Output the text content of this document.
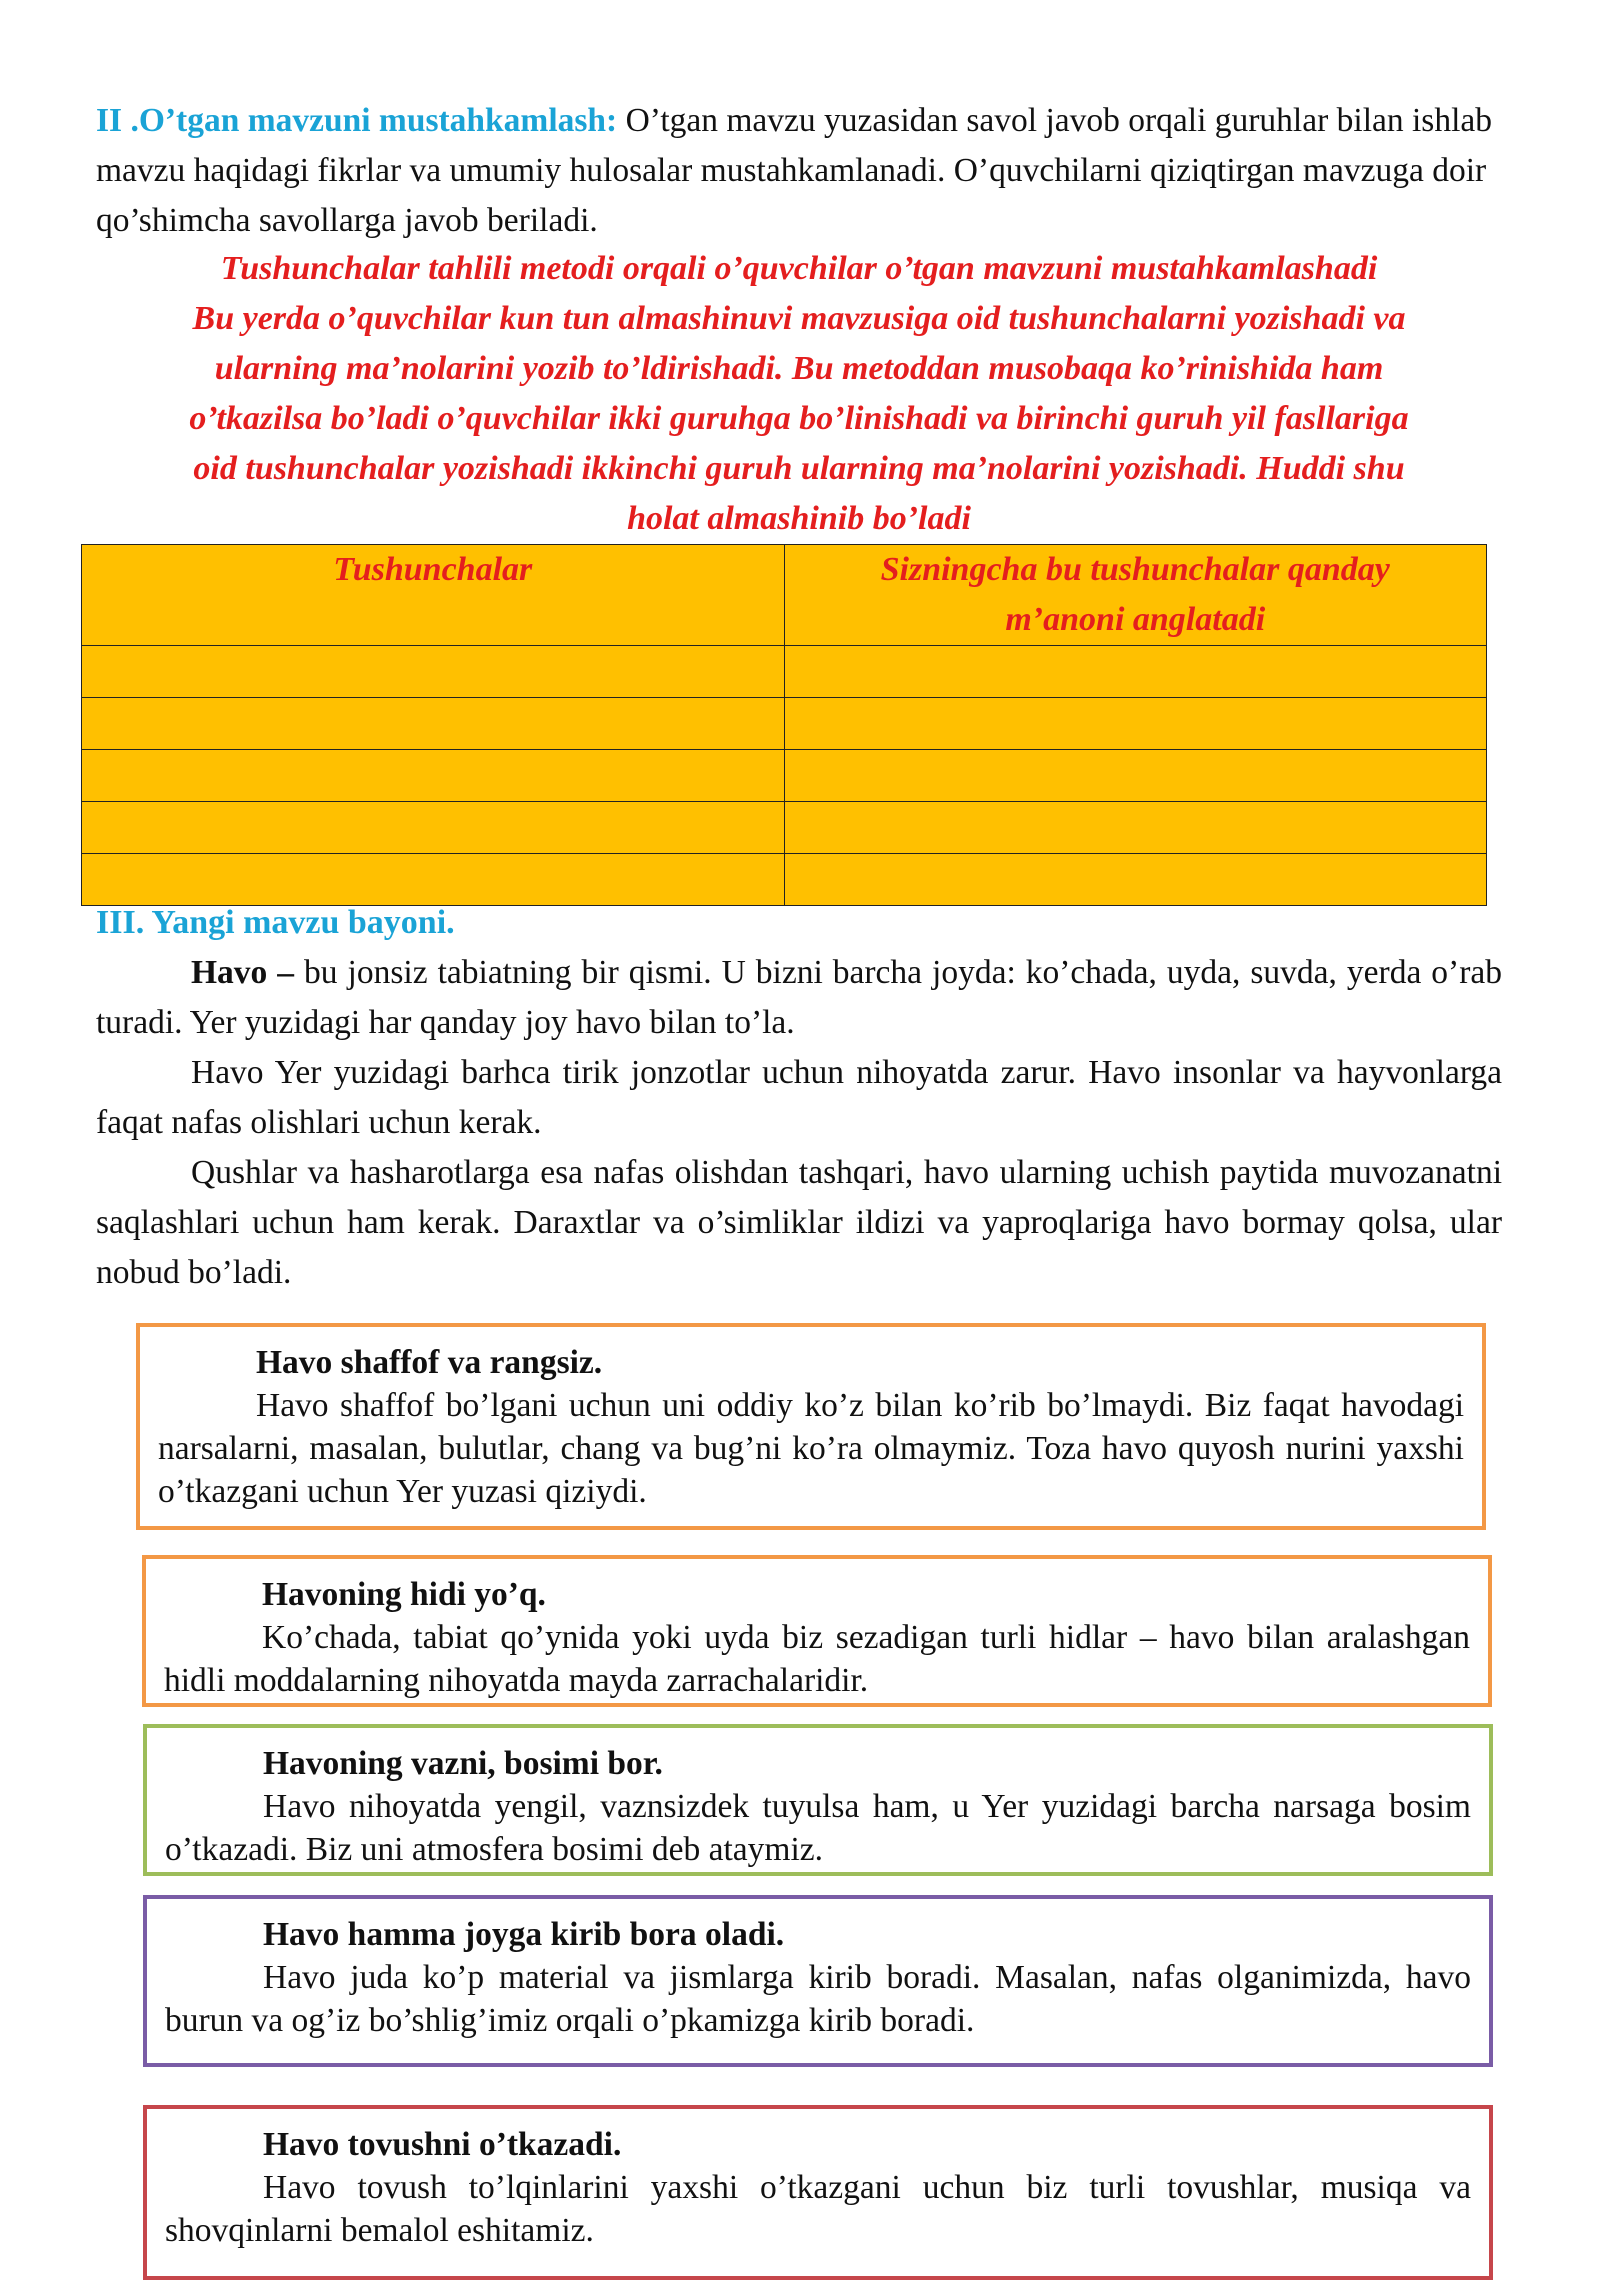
II .O’tgan mavzuni mustahkamlash: O’tgan mavzu yuzasidan savol javob orqali guruhlar bilan ishlab mavzu haqidagi fikrlar va umumiy hulosalar mustahkamlanadi. O’quvchilarni qiziqtirgan mavzuga doir qo’shimcha savollarga javob beriladi.
Tushunchalar tahlili metodi orqali o’quvchilar o’tgan mavzuni mustahkamlashadi
Bu yerda o’quvchilar kun tun almashinuvi mavzusiga oid tushunchalarni yozishadi va
ularning ma’nolarini yozib to’ldirishadi. Bu metoddan musobaqa ko’rinishida ham
o’tkazilsa bo’ladi o’quvchilar ikki guruhga bo’linishadi va birinchi guruh yil fasllariga
oid tushunchalar yozishadi ikkinchi guruh ularning ma’nolarini yozishadi. Huddi shu
holat almashinib bo’ladi
Tushunchalar	Sizningcha bu tushunchalar qanday
m’anoni anglatadi

III. Yangi mavzu bayoni.

Havo – bu jonsiz tabiatning bir qismi. U bizni barcha joyda: ko’chada, uyda, suvda, yerda o’rab turadi. Yer yuzidagi har qanday joy havo bilan to’la.

Havo Yer yuzidagi barhca tirik jonzotlar uchun nihoyatda zarur. Havo insonlar va hayvonlarga faqat nafas olishlari uchun kerak.

Qushlar va hasharotlarga esa nafas olishdan tashqari, havo ularning uchish paytida muvozanatni saqlashlari uchun ham kerak. Daraxtlar va o’simliklar ildizi va yaproqlariga havo bormay qolsa, ular nobud bo’ladi.

Havo shaffof va rangsiz.
Havo shaffof bo’lgani uchun uni oddiy ko’z bilan ko’rib bo’lmaydi. Biz faqat havodagi narsalarni, masalan, bulutlar, chang va bug’ni ko’ra olmaymiz. Toza havo quyosh nurini yaxshi o’tkazgani uchun Yer yuzasi qiziydi.
Havoning hidi yo’q.
Ko’chada, tabiat qo’ynida yoki uyda biz sezadigan turli hidlar – havo bilan aralashgan hidli moddalarning nihoyatda mayda zarrachalaridir.
Havoning vazni, bosimi bor.
Havo nihoyatda yengil, vaznsizdek tuyulsa ham, u Yer yuzidagi barcha narsaga bosim o’tkazadi. Biz uni atmosfera bosimi deb ataymiz.
Havo hamma joyga kirib bora oladi.
Havo juda ko’p material va jismlarga kirib boradi. Masalan, nafas olganimizda, havo burun va og’iz bo’shlig’imiz orqali o’pkamizga kirib boradi.
Havo tovushni o’tkazadi.
Havo tovush to’lqinlarini yaxshi o’tkazgani uchun biz turli tovushlar, musiqa va shovqinlarni bemalol eshitamiz.
